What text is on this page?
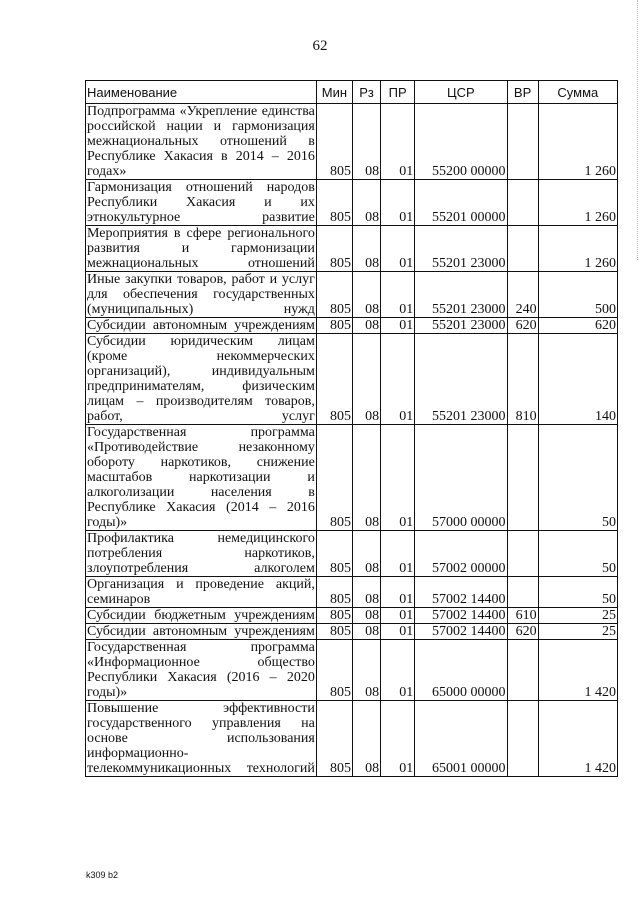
62
Наименование	Мин	Рз	ПР	ЦСР	ВР	Сумма
Подпрограмма «Укрепление единства российской нации и гармонизация межнациональных отношений в Республике Хакасия в 2014 – 2016 годах»	805	08	01	55200 00000		1 260
Гармонизация отношений народов Республики Хакасия и их этнокультурное развитие	805	08	01	55201 00000		1 260
Мероприятия в сфере регионального развития и гармонизации межнациональных отношений	805	08	01	55201 23000		1 260
Иные закупки товаров, работ и услуг для обеспечения государственных (муниципальных) нужд	805	08	01	55201 23000	240	500
Субсидии автономным учреждениям	805	08	01	55201 23000	620	620
Субсидии юридическим лицам (кроме некоммерческих организаций), индивидуальным предпринимателям, физическим лицам – производителям товаров, работ, услуг	805	08	01	55201 23000	810	140
Государственная программа «Противодействие незаконному обороту наркотиков, снижение масштабов наркотизации и алкоголизации населения в Республике Хакасия (2014 – 2016 годы)»	805	08	01	57000 00000		50
Профилактика немедицинского потребления наркотиков, злоупотребления алкоголем	805	08	01	57002 00000		50
Организация и проведение акций, семинаров	805	08	01	57002 14400		50
Субсидии бюджетным учреждениям	805	08	01	57002 14400	610	25
Субсидии автономным учреждениям	805	08	01	57002 14400	620	25
Государственная программа «Информационное общество Республики Хакасия (2016 – 2020 годы)»	805	08	01	65000 00000		1 420
Повышение эффективности государственного управления на основе использования информационно-телекоммуникационных технологий	805	08	01	65001 00000		1 420
k309 b2
